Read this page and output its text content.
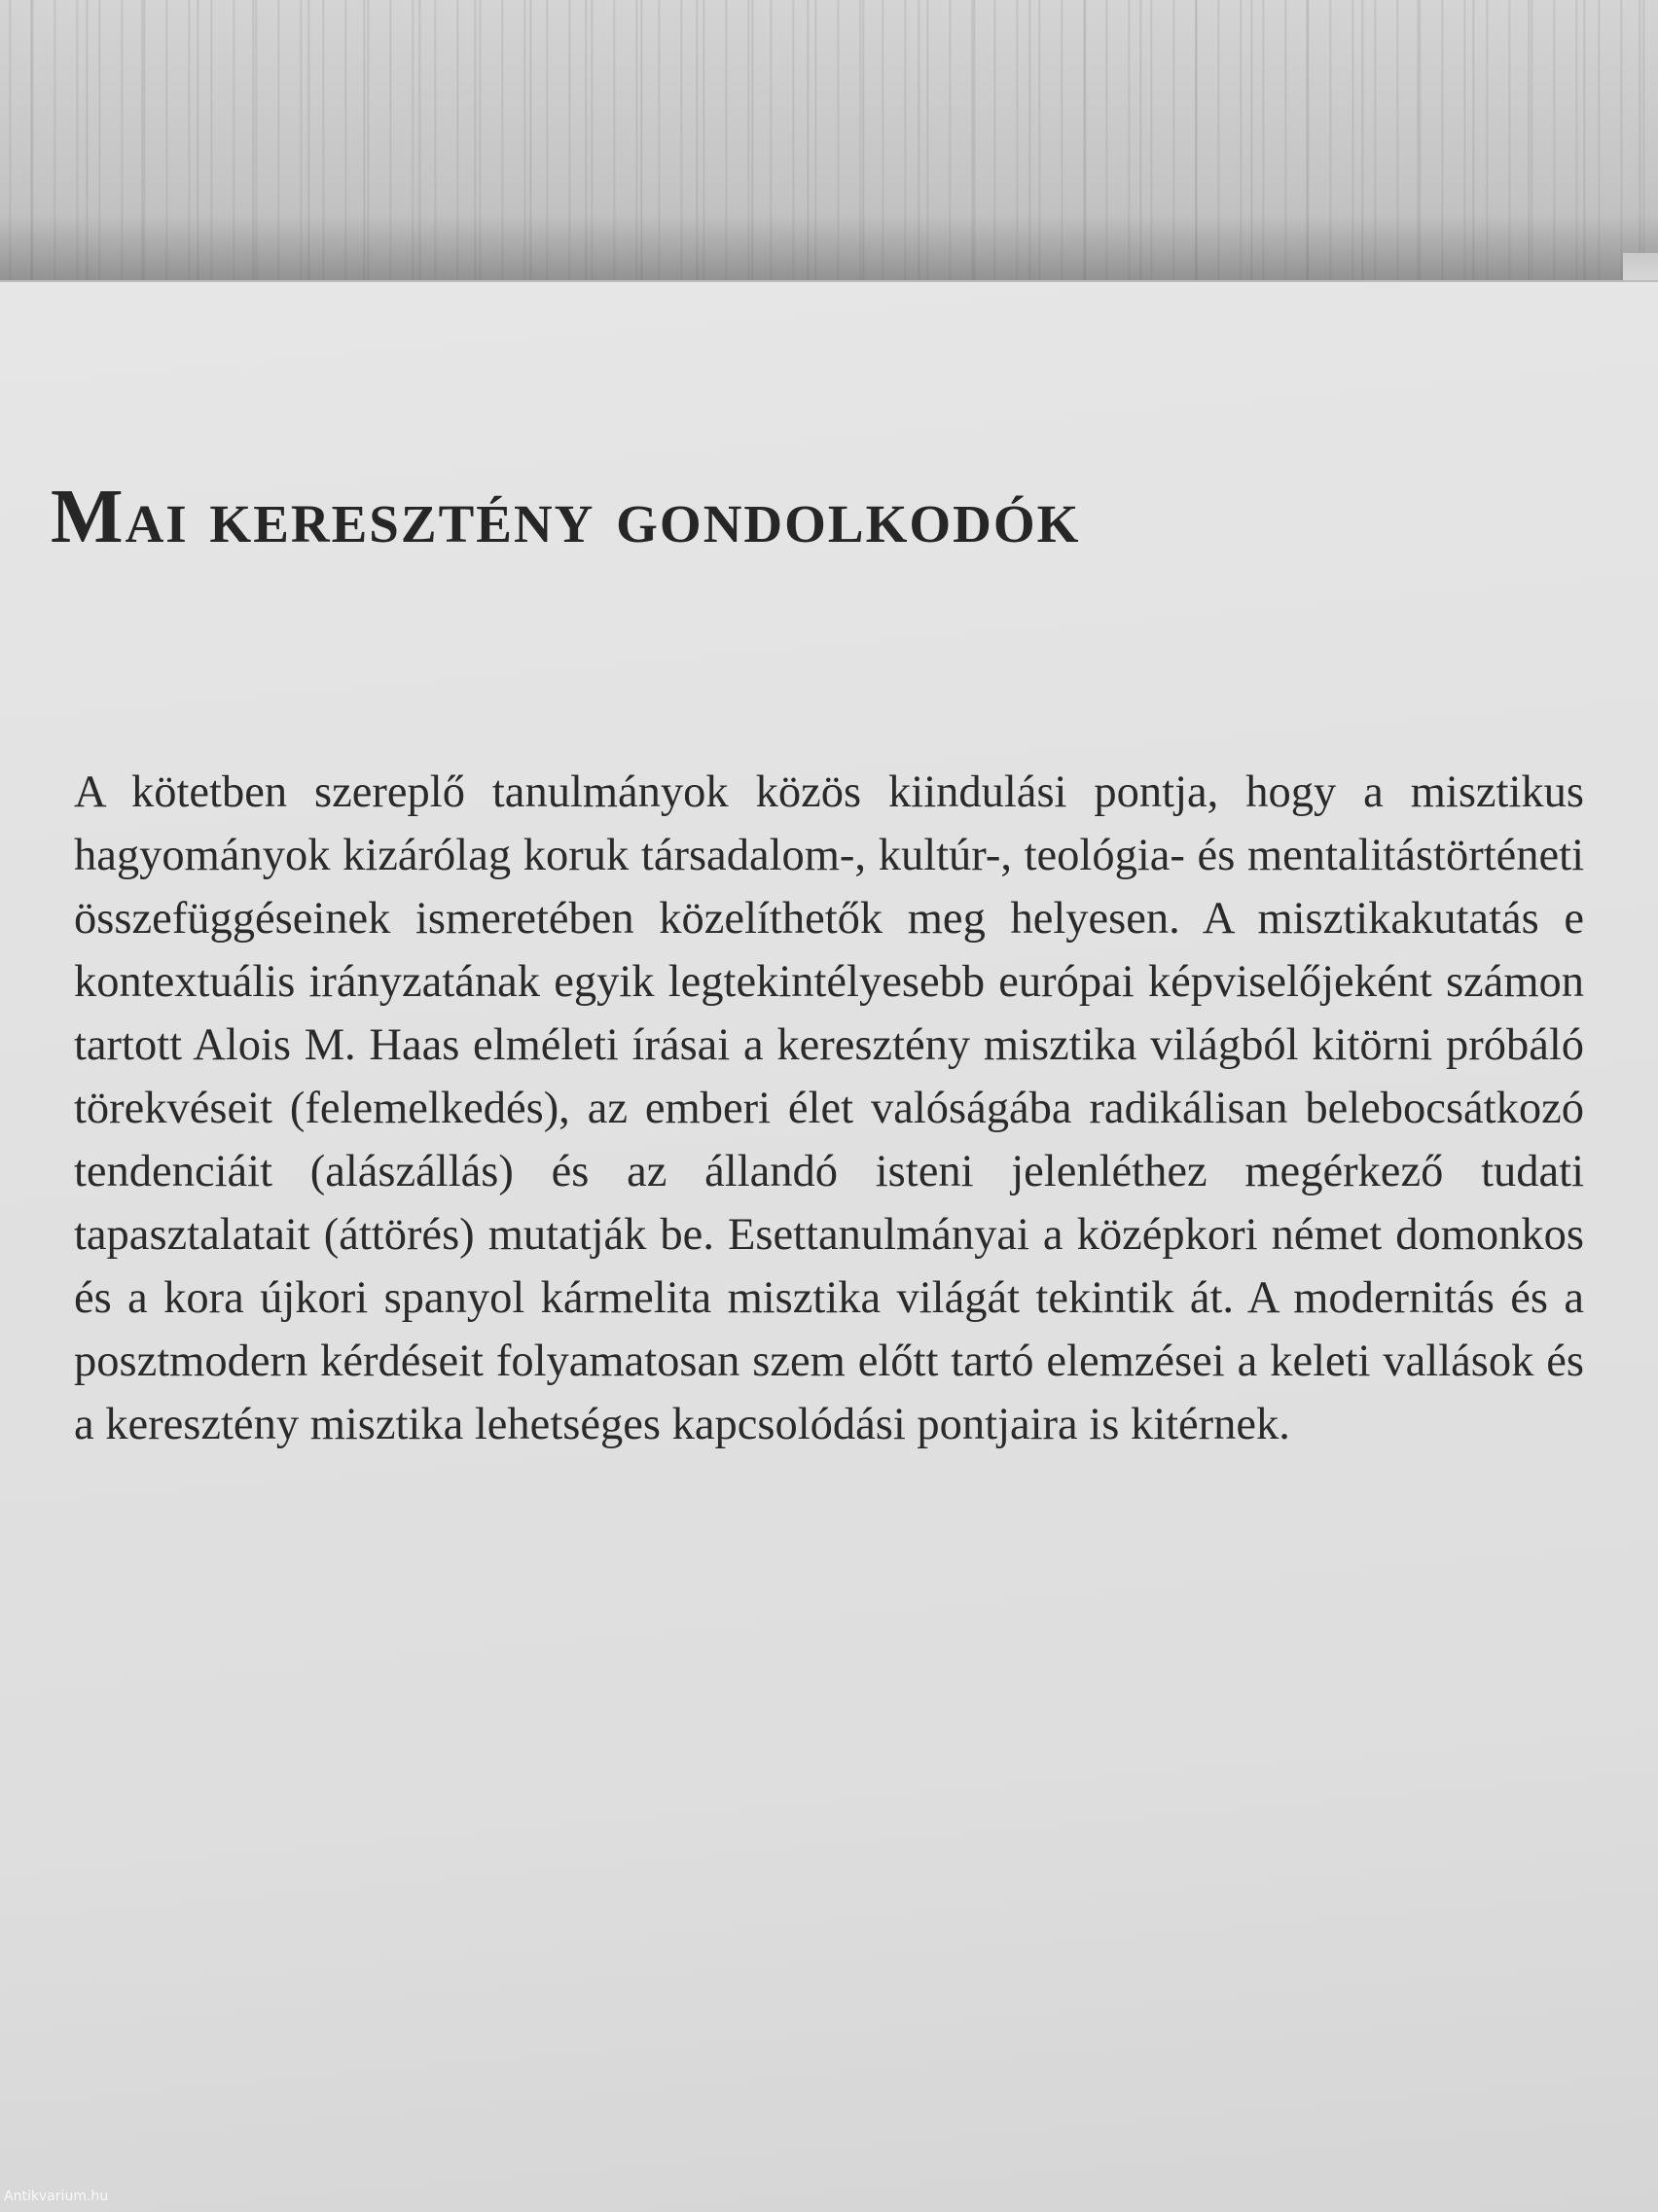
Mai keresztény gondolkodók

A kötetben szereplő tanulmányok közös kiindulási pontja, hogy a misztikus hagyományok kizárólag koruk társadalom-, kultúr-, teológia- és mentalitástörténeti összefüggéseinek ismeretében közelíthetők meg helyesen. A misztikakutatás e kontextuális irányzatának egyik legtekintélyesebb európai képviselőjeként számon tartott Alois M. Haas elméleti írásai a keresztény misztika világból kitörni próbáló törekvéseit (felemelkedés), az emberi élet valóságába radikálisan belebocsátkozó tendenciáit (alászállás) és az állandó isteni jelenléthez megérkező tudati tapasztalatait (áttörés) mutatják be. Esettanulmányai a középkori német domonkos és a kora újkori spanyol kármelita misztika világát tekintik át. A modernitás és a posztmodern kérdéseit folyamatosan szem előtt tartó elemzései a keleti vallások és a keresztény misztika lehetséges kapcsolódási pontjaira is kitérnek.

Antikvarium.hu
